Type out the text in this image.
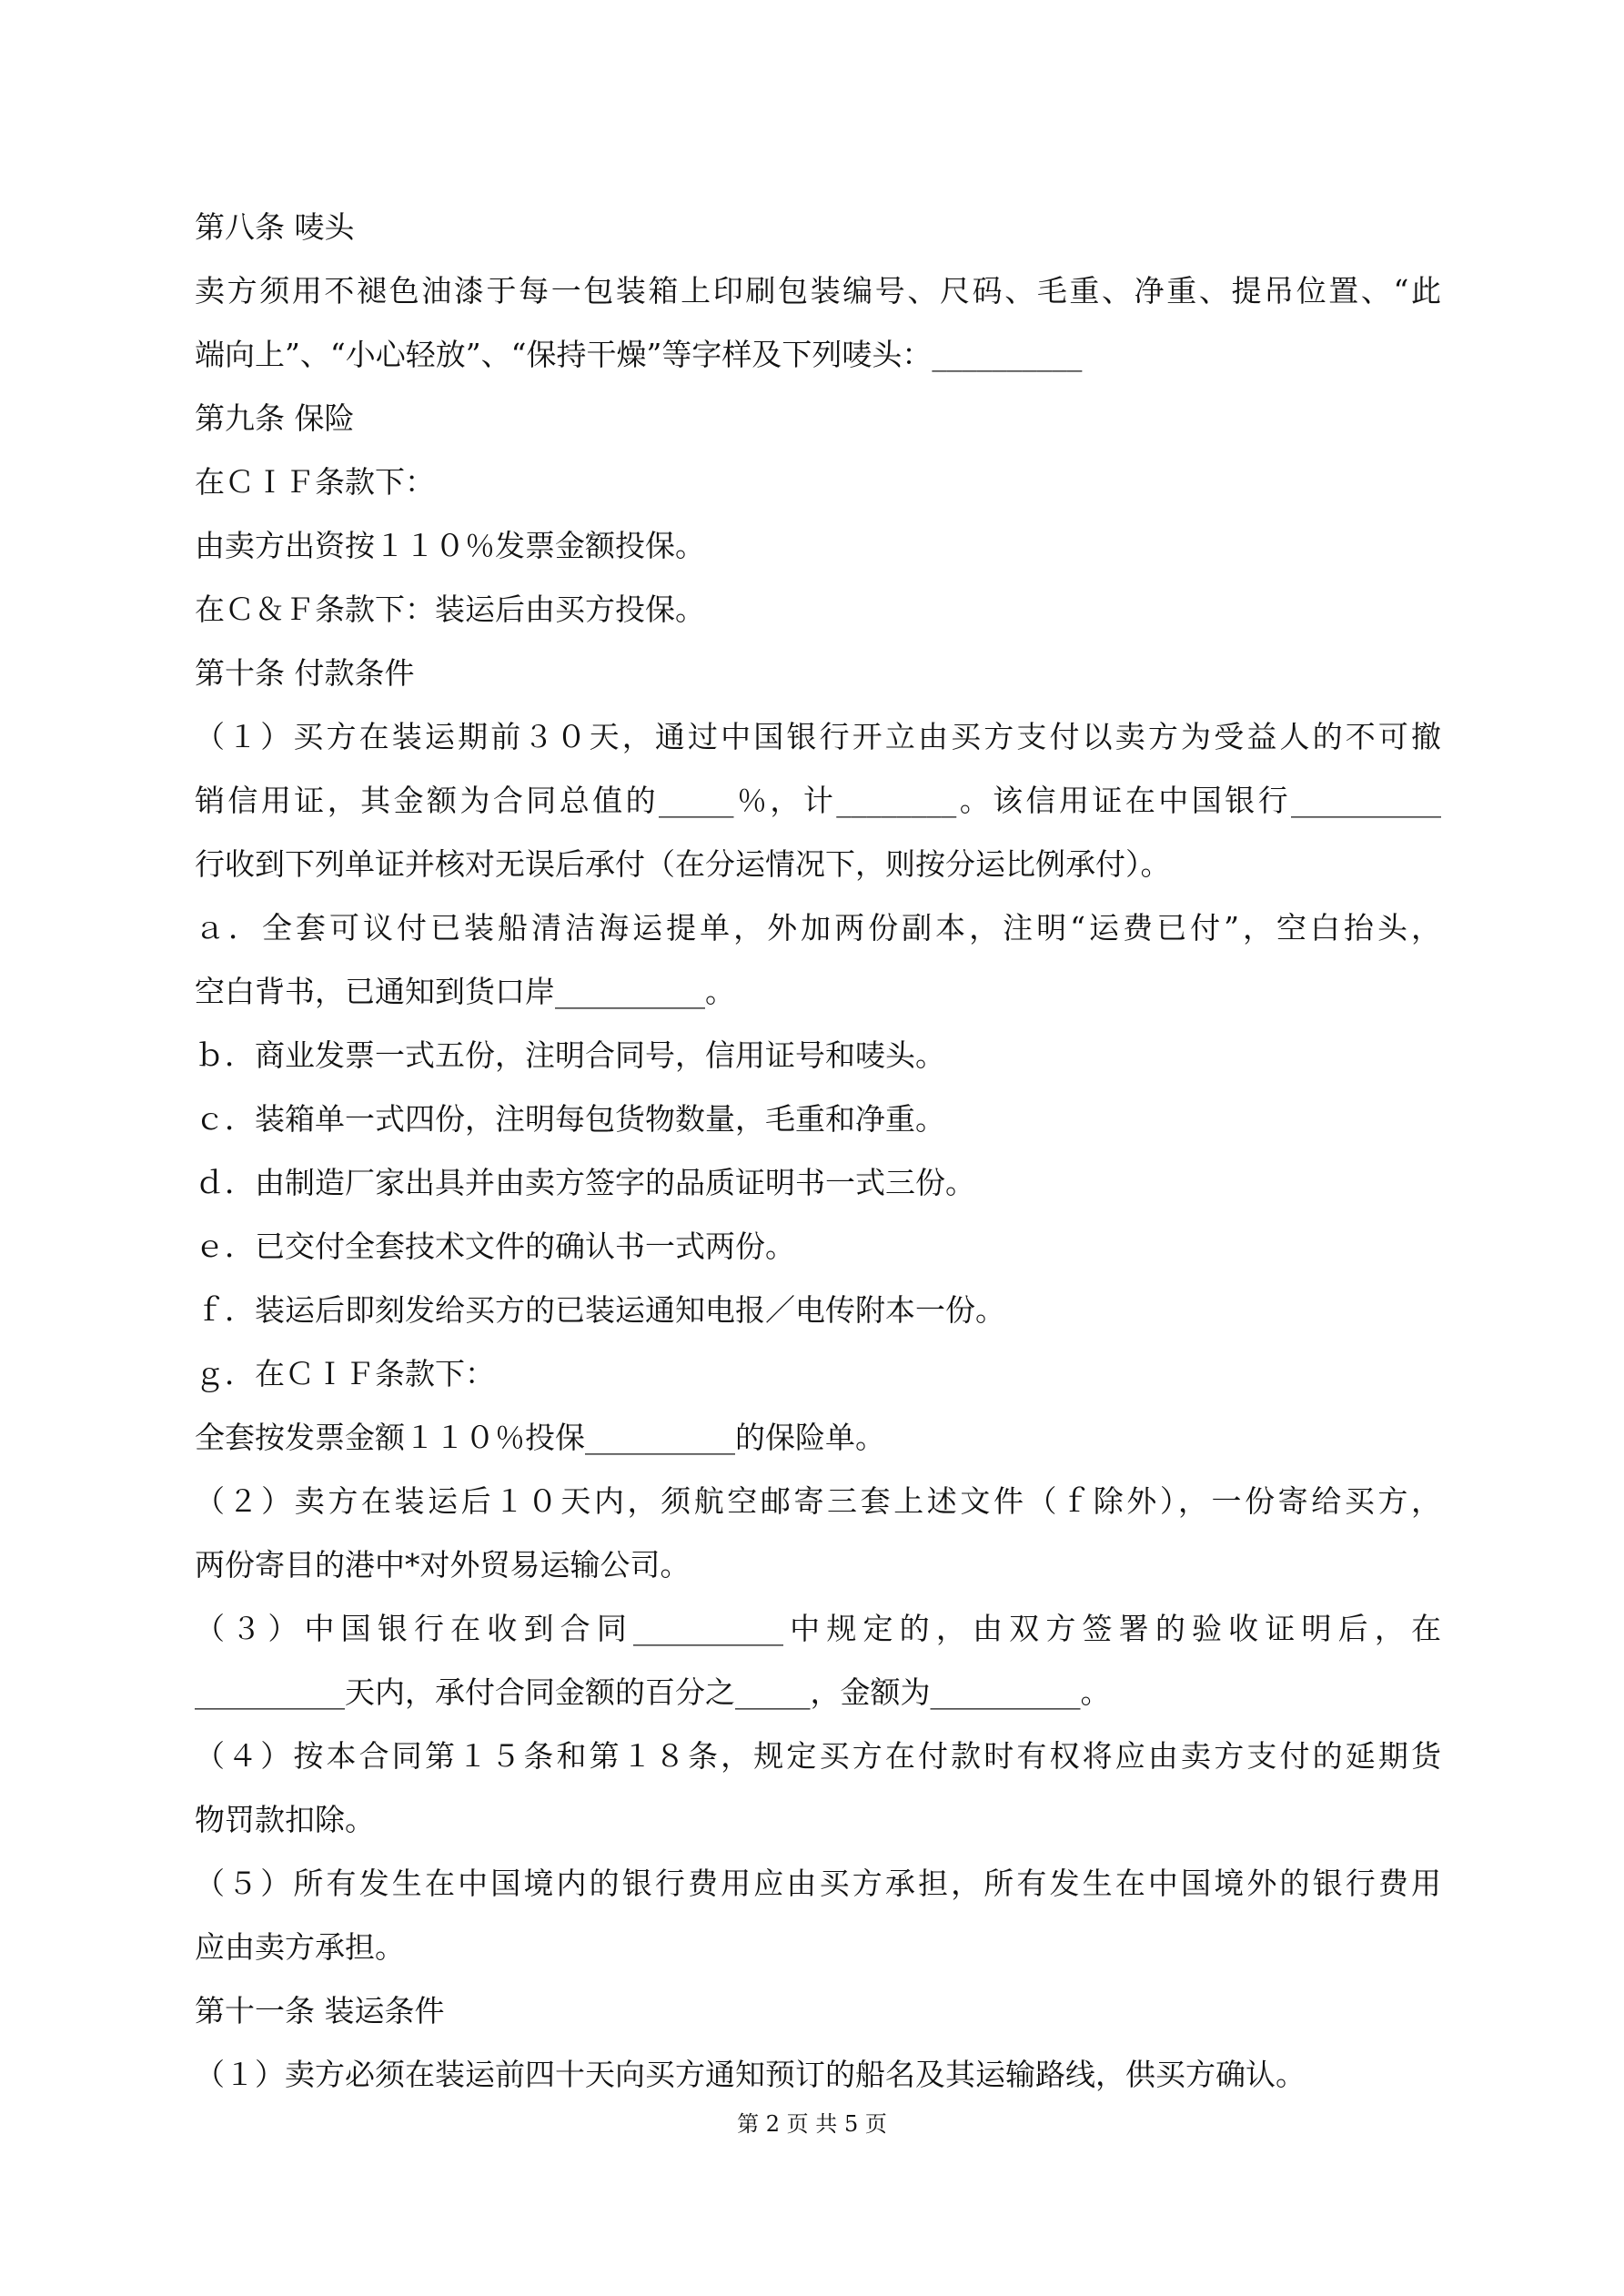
第八条 唛头
卖方须用不褪色油漆于每一包装箱上印刷包装编号、尺码、毛重、净重、提吊位置、“此
端向上”、“小心轻放”、“保持干燥”等字样及下列唛头：__________
第九条 保险
在ＣＩＦ条款下：
由卖方出资按１１０％发票金额投保。
在Ｃ＆Ｆ条款下：装运后由买方投保。
第十条 付款条件
（１）买方在装运期前３０天，通过中国银行开立由买方支付以卖方为受益人的不可撤
销信用证，其金额为合同总值的_____％，计________。该信用证在中国银行__________
行收到下列单证并核对无误后承付（在分运情况下，则按分运比例承付）。
ａ．全套可议付已装船清洁海运提单，外加两份副本，注明“运费已付”，空白抬头，
空白背书，已通知到货口岸__________。
ｂ．商业发票一式五份，注明合同号，信用证号和唛头。
ｃ．装箱单一式四份，注明每包货物数量，毛重和净重。
ｄ．由制造厂家出具并由卖方签字的品质证明书一式三份。
ｅ．已交付全套技术文件的确认书一式两份。
ｆ．装运后即刻发给买方的已装运通知电报／电传附本一份。
ｇ．在ＣＩＦ条款下：
全套按发票金额１１０％投保__________的保险单。
（２）卖方在装运后１０天内，须航空邮寄三套上述文件（ｆ除外），一份寄给买方，
两份寄目的港中*对外贸易运输公司。
（３）中国银行在收到合同__________中规定的，由双方签署的验收证明后，在
__________天内，承付合同金额的百分之_____，金额为__________。
（４）按本合同第１５条和第１８条，规定买方在付款时有权将应由卖方支付的延期货
物罚款扣除。
（５）所有发生在中国境内的银行费用应由买方承担，所有发生在中国境外的银行费用
应由卖方承担。
第十一条 装运条件
（１）卖方必须在装运前四十天向买方通知预订的船名及其运输路线，供买方确认。
第 2 页 共 5 页
